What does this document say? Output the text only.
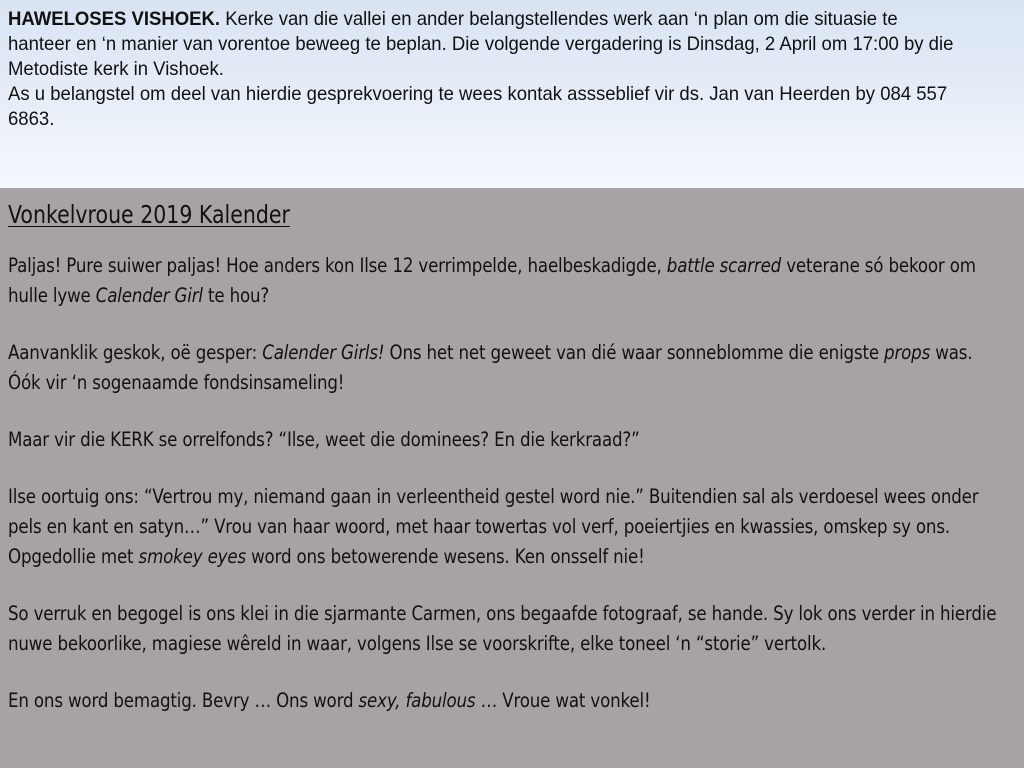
HAWELOSES VISHOEK. Kerke van die vallei en ander belangstellendes werk aan ‘n plan om die situasie te hanteer en ‘n manier van vorentoe beweeg te beplan. Die volgende vergadering is Dinsdag, 2 April om 17:00 by die Metodiste kerk in Vishoek.
As u belangstel om deel van hierdie gesprekvoering te wees kontak assseblief vir ds. Jan van Heerden by 084 557 6863.

Vonkelvroue 2019 Kalender

Paljas! Pure suiwer paljas! Hoe anders kon Ilse 12 verrimpelde, haelbeskadigde, battle scarred veterane só bekoor om hulle lywe Calender Girl te hou?

Aanvanklik geskok, oë gesper: Calender Girls! Ons het net geweet van dié waar sonneblomme die enigste props was. Óók vir ‘n sogenaamde fondsinsameling!

Maar vir die KERK se orrelfonds? “Ilse, weet die dominees? En die kerkraad?”

Ilse oortuig ons: “Vertrou my, niemand gaan in verleentheid gestel word nie.” Buitendien sal als verdoesel wees onder pels en kant en satyn…” Vrou van haar woord, met haar towertas vol verf, poeiertjies en kwassies, omskep sy ons. Opgedollie met smokey eyes word ons betowerende wesens. Ken onsself nie!

So verruk en begogel is ons klei in die sjarmante Carmen, ons begaafde fotograaf, se hande. Sy lok ons verder in hierdie nuwe bekoorlike, magiese wêreld in waar, volgens Ilse se voorskrifte, elke toneel ‘n “storie” vertolk.

En ons word bemagtig. Bevry … Ons word sexy, fabulous … Vroue wat vonkel!
